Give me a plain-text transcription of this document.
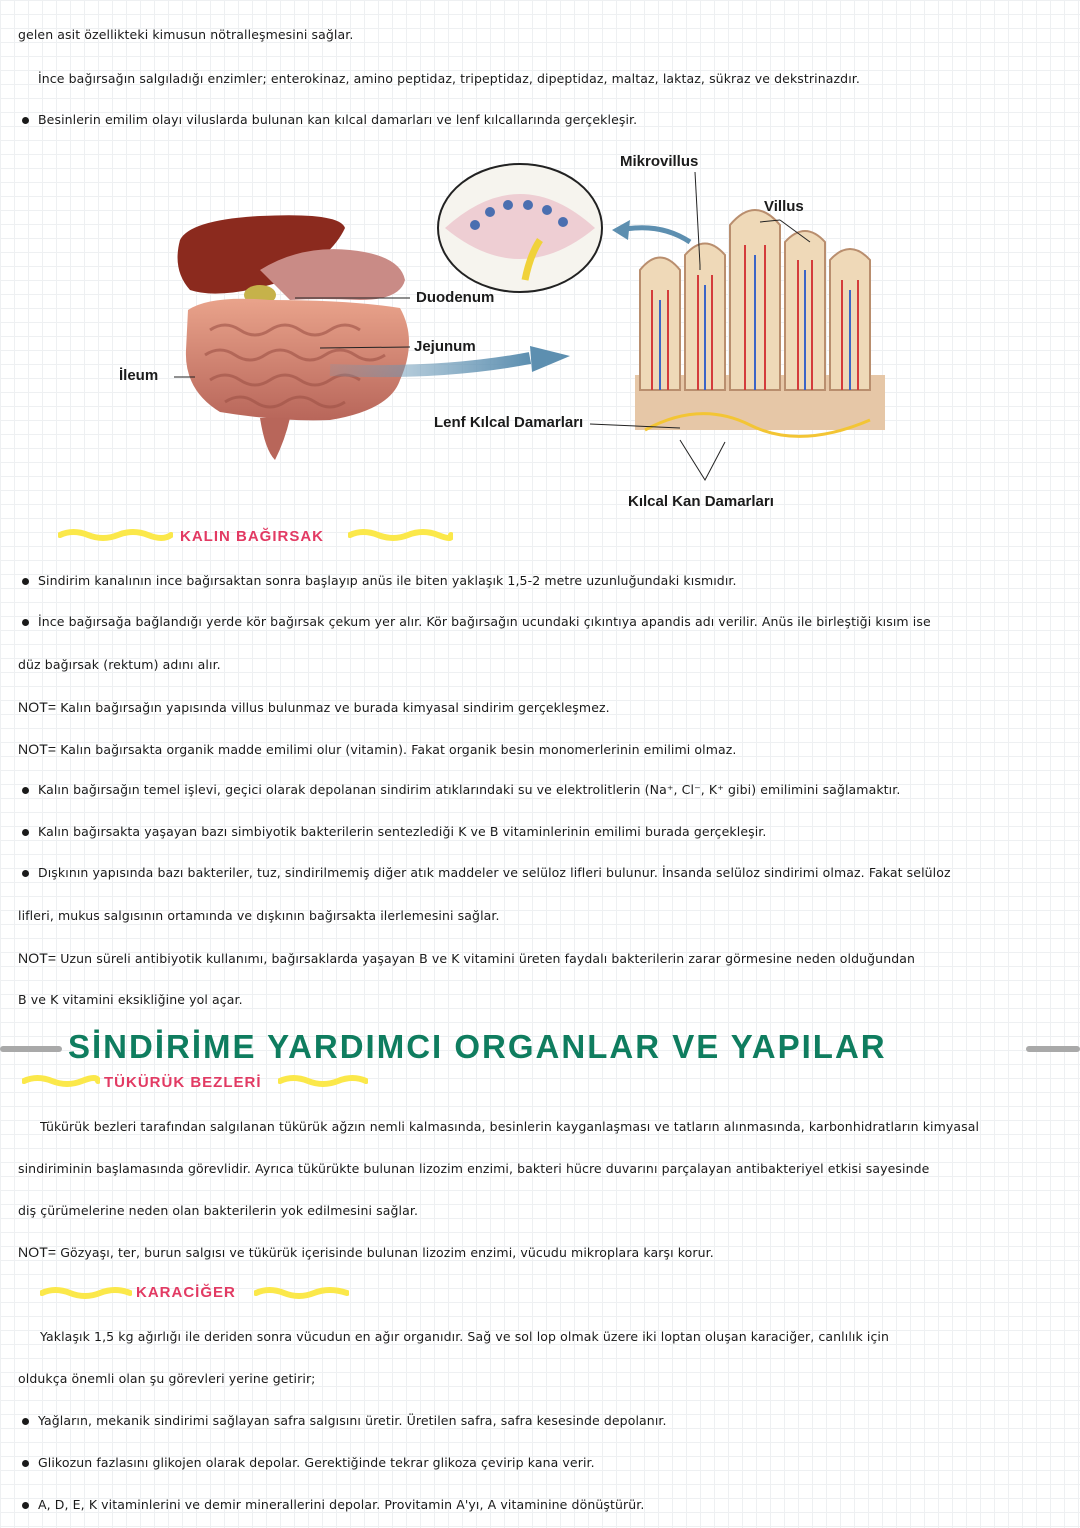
gelen asit özellikteki kimusun nötralleşmesini sağlar.
İnce bağırsağın salgıladığı enzimler; enterokinaz, amino peptidaz, tripeptidaz, dipeptidaz, maltaz, laktaz, sükraz ve dekstrinazdır.
Besinlerin emilim olayı viluslarda bulunan kan kılcal damarları ve lenf kılcallarında gerçekleşir.
Duodenum
Jejunum
İleum
Lenf Kılcal Damarları
Mikrovillus
Villus
Kılcal Kan Damarları
KALIN BAĞIRSAK
Sindirim kanalının ince bağırsaktan sonra başlayıp anüs ile biten yaklaşık 1,5-2 metre uzunluğundaki kısmıdır.
İnce bağırsağa bağlandığı yerde kör bağırsak çekum yer alır. Kör bağırsağın ucundaki çıkıntıya apandis adı verilir. Anüs ile birleştiği kısım ise
düz bağırsak (rektum) adını alır.
NOT= Kalın bağırsağın yapısında villus bulunmaz ve burada kimyasal sindirim gerçekleşmez.
NOT= Kalın bağırsakta organik madde emilimi olur (vitamin). Fakat organik besin monomerlerinin emilimi olmaz.
Kalın bağırsağın temel işlevi, geçici olarak depolanan sindirim atıklarındaki su ve elektrolitlerin (Na⁺, Cl⁻, K⁺ gibi) emilimini sağlamaktır.
Kalın bağırsakta yaşayan bazı simbiyotik bakterilerin sentezlediği K ve B vitaminlerinin emilimi burada gerçekleşir.
Dışkının yapısında bazı bakteriler, tuz, sindirilmemiş diğer atık maddeler ve selüloz lifleri bulunur. İnsanda selüloz sindirimi olmaz. Fakat selüloz
lifleri, mukus salgısının ortamında ve dışkının bağırsakta ilerlemesini sağlar.
NOT= Uzun süreli antibiyotik kullanımı, bağırsaklarda yaşayan B ve K vitamini üreten faydalı bakterilerin zarar görmesine neden olduğundan
B ve K vitamini eksikliğine yol açar.
SİNDİRİME YARDIMCI ORGANLAR VE YAPILAR
TÜKÜRÜK BEZLERİ
Tükürük bezleri tarafından salgılanan tükürük ağzın nemli kalmasında, besinlerin kayganlaşması ve tatların alınmasında, karbonhidratların kimyasal
sindiriminin başlamasında görevlidir. Ayrıca tükürükte bulunan lizozim enzimi, bakteri hücre duvarını parçalayan antibakteriyel etkisi sayesinde
diş çürümelerine neden olan bakterilerin yok edilmesini sağlar.
NOT= Gözyaşı, ter, burun salgısı ve tükürük içerisinde bulunan lizozim enzimi, vücudu mikroplara karşı korur.
KARACİĞER
Yaklaşık 1,5 kg ağırlığı ile deriden sonra vücudun en ağır organıdır. Sağ ve sol lop olmak üzere iki loptan oluşan karaciğer, canlılık için
oldukça önemli olan şu görevleri yerine getirir;
Yağların, mekanik sindirimi sağlayan safra salgısını üretir. Üretilen safra, safra kesesinde depolanır.
Glikozun fazlasını glikojen olarak depolar. Gerektiğinde tekrar glikoza çevirip kana verir.
A, D, E, K vitaminlerini ve demir minerallerini depolar. Provitamin A'yı, A vitaminine dönüştürür.
